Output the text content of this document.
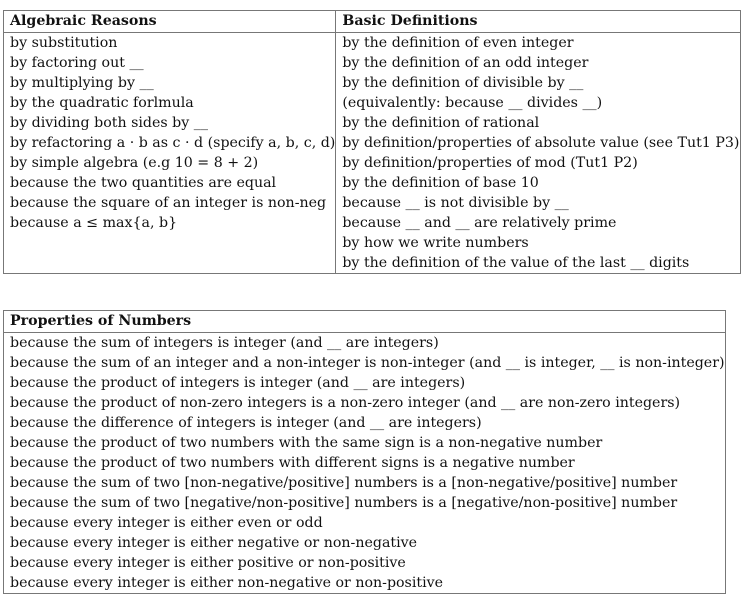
Algebraic Reasons	Basic Definitions
by substitution	by the definition of even integer
by factoring out __	by the definition of an odd integer
by multiplying by __	by the definition of divisible by __
by the quadratic forlmula	(equivalently: because __ divides __)
by dividing both sides by __	by the definition of rational
by refactoring a · b as c · d (specify a, b, c, d)	by definition/properties of absolute value (see Tut1 P3)
by simple algebra (e.g 10 = 8 + 2)	by definition/properties of mod (Tut1 P2)
because the two quantities are equal	by the definition of base 10
because the square of an integer is non-neg	because __ is not divisible by __
because a ≤ max{a, b}	because __ and __ are relatively prime
	by how we write numbers
	by the definition of the value of the last __ digits
Properties of Numbers
because the sum of integers is integer (and __ are integers)
because the sum of an integer and a non-integer is non-integer (and __ is integer, __ is non-integer)
because the product of integers is integer (and __ are integers)
because the product of non-zero integers is a non-zero integer (and __ are non-zero integers)
because the difference of integers is integer (and __ are integers)
because the product of two numbers with the same sign is a non-negative number
because the product of two numbers with different signs is a negative number
because the sum of two [non-negative/positive] numbers is a [non-negative/positive] number
because the sum of two [negative/non-positive] numbers is a [negative/non-positive] number
because every integer is either even or odd
because every integer is either negative or non-negative
because every integer is either positive or non-positive
because every integer is either non-negative or non-positive
